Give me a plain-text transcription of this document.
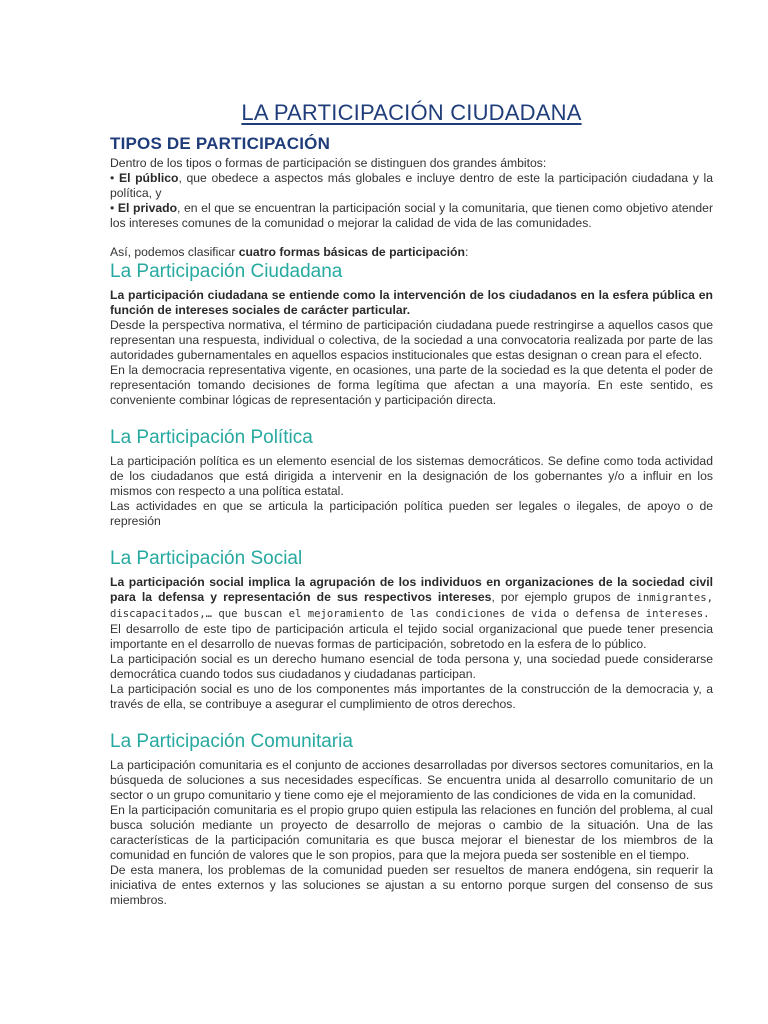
LA PARTICIPACIÓN CIUDADANA
TIPOS DE PARTICIPACIÓN

Dentro de los tipos o formas de participación se distinguen dos grandes ámbitos:

• El público, que obedece a aspectos más globales e incluye dentro de este la participación ciudadana y la política, y

• El privado, en el que se encuentran la participación social y la comunitaria, que tienen como objetivo atender los intereses comunes de la comunidad o mejorar la calidad de vida de las comunidades.

Así, podemos clasificar cuatro formas básicas de participación:

La Participación Ciudadana

La participación ciudadana se entiende como la intervención de los ciudadanos en la esfera pública en función de intereses sociales de carácter particular.

Desde la perspectiva normativa, el término de participación ciudadana puede restringirse a aquellos casos que representan una respuesta, individual o colectiva, de la sociedad a una convocatoria realizada por parte de las autoridades gubernamentales en aquellos espacios institucionales que estas designan o crean para el efecto.

En la democracia representativa vigente, en ocasiones, una parte de la sociedad es la que detenta el poder de representación tomando decisiones de forma legítima que afectan a una mayoría. En este sentido, es conveniente combinar lógicas de representación y participación directa.

La Participación Política

La participación política es un elemento esencial de los sistemas democráticos. Se define como toda actividad de los ciudadanos que está dirigida a intervenir en la designación de los gobernantes y/o a influir en los mismos con respecto a una política estatal.

Las actividades en que se articula la participación política pueden ser legales o ilegales, de apoyo o de represión

La Participación Social

La participación social implica la agrupación de los individuos en organizaciones de la sociedad civil para la defensa y representación de sus respectivos intereses, por ejemplo grupos de inmigrantes, discapacitados,… que buscan el mejoramiento de las condiciones de vida o defensa de intereses.

El desarrollo de este tipo de participación articula el tejido social organizacional que puede tener presencia importante en el desarrollo de nuevas formas de participación, sobretodo en la esfera de lo público.

La participación social es un derecho humano esencial de toda persona y, una sociedad puede considerarse democrática cuando todos sus ciudadanos y ciudadanas participan.

La participación social es uno de los componentes más importantes de la construcción de la democracia y, a través de ella, se contribuye a asegurar el cumplimiento de otros derechos.

La Participación Comunitaria

La participación comunitaria es el conjunto de acciones desarrolladas por diversos sectores comunitarios, en la búsqueda de soluciones a sus necesidades específicas. Se encuentra unida al desarrollo comunitario de un sector o un grupo comunitario y tiene como eje el mejoramiento de las condiciones de vida en la comunidad.

En la participación comunitaria es el propio grupo quien estipula las relaciones en función del problema, al cual busca solución mediante un proyecto de desarrollo de mejoras o cambio de la situación. Una de las características de la participación comunitaria es que busca mejorar el bienestar de los miembros de la comunidad en función de valores que le son propios, para que la mejora pueda ser sostenible en el tiempo.

De esta manera, los problemas de la comunidad pueden ser resueltos de manera endógena, sin requerir la iniciativa de entes externos y las soluciones se ajustan a su entorno porque surgen del consenso de sus miembros.
